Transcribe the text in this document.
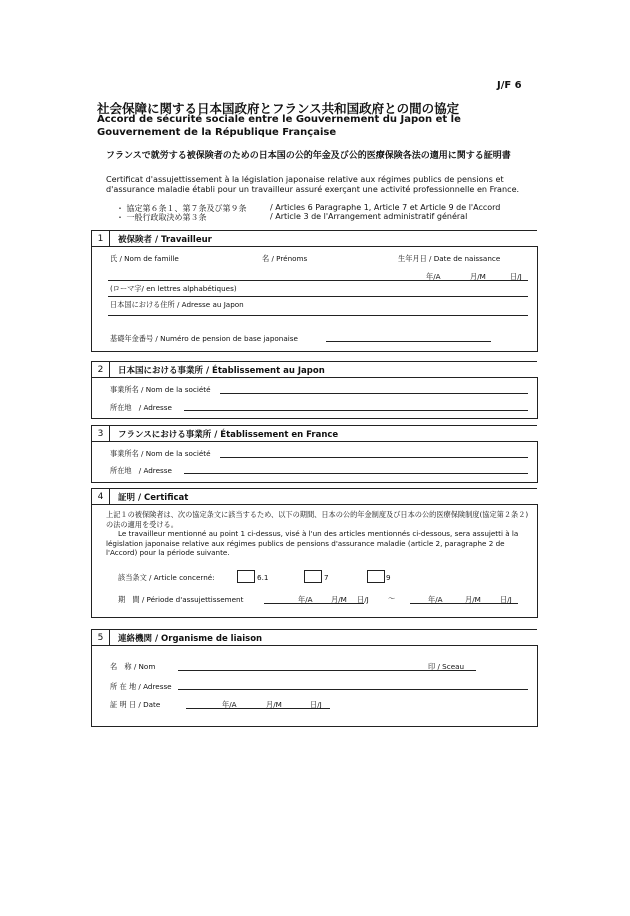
J/F 6
社会保障に関する日本国政府とフランス共和国政府との間の協定
Accord de sécurité sociale entre le Gouvernement du Japon et le Gouvernement de la République Française
フランスで就労する被保険者のための日本国の公的年金及び公的医療保険各法の適用に関する証明書
Certificat d'assujettissement à la législation japonaise relative aux régimes publics de pensions et d'assurance maladie établi pour un travailleur assuré exerçant une activité professionnelle en France.
・ 協定第６条１、第７条及び第９条	/ Articles 6 Paragraphe 1, Article 7 et Article 9 de l'Accord
・ 一般行政取決め第３条	/ Article 3 de l'Arrangement administratif général
1	被保険者 / Travailleur
氏 / Nom de famille	名 / Prénoms	生年月日 / Date de naissance
年/A	月/M	日/J
(ローマ字/ en lettres alphabétiques)
日本国における住所 / Adresse au Japon
基礎年金番号 / Numéro de pension de base japonaise
2	日本国における事業所 / Établissement au Japon
事業所名 / Nom de la société
所在地　/ Adresse
3	フランスにおける事業所 / Établissement en France
事業所名 / Nom de la société
所在地　/ Adresse
4	証明 / Certificat
上記１の被保険者は、次の協定条文に該当するため、以下の期間、日本の公的年金制度及び日本の公的医療保険制度(協定第２条２)の法の適用を受ける。
Le travailleur mentionné au point 1 ci-dessus, visé à l'un des articles mentionnés ci-dessous, sera assujetti à la législation japonaise relative aux régimes publics de pensions d'assurance maladie (article 2, paragraphe 2 de l'Accord) pour la période suivante.
該当条文 / Article concerné:	6.1	7	9
期　間 / Période d'assujettissement	年/A	月/M 日/J	～	年/A	月/M	日/J
5	連絡機関 / Organisme de liaison
名　称 / Nom	印 / Sceau
所 在 地 / Adresse
証 明 日 / Date	年/A	月/M	日/J
